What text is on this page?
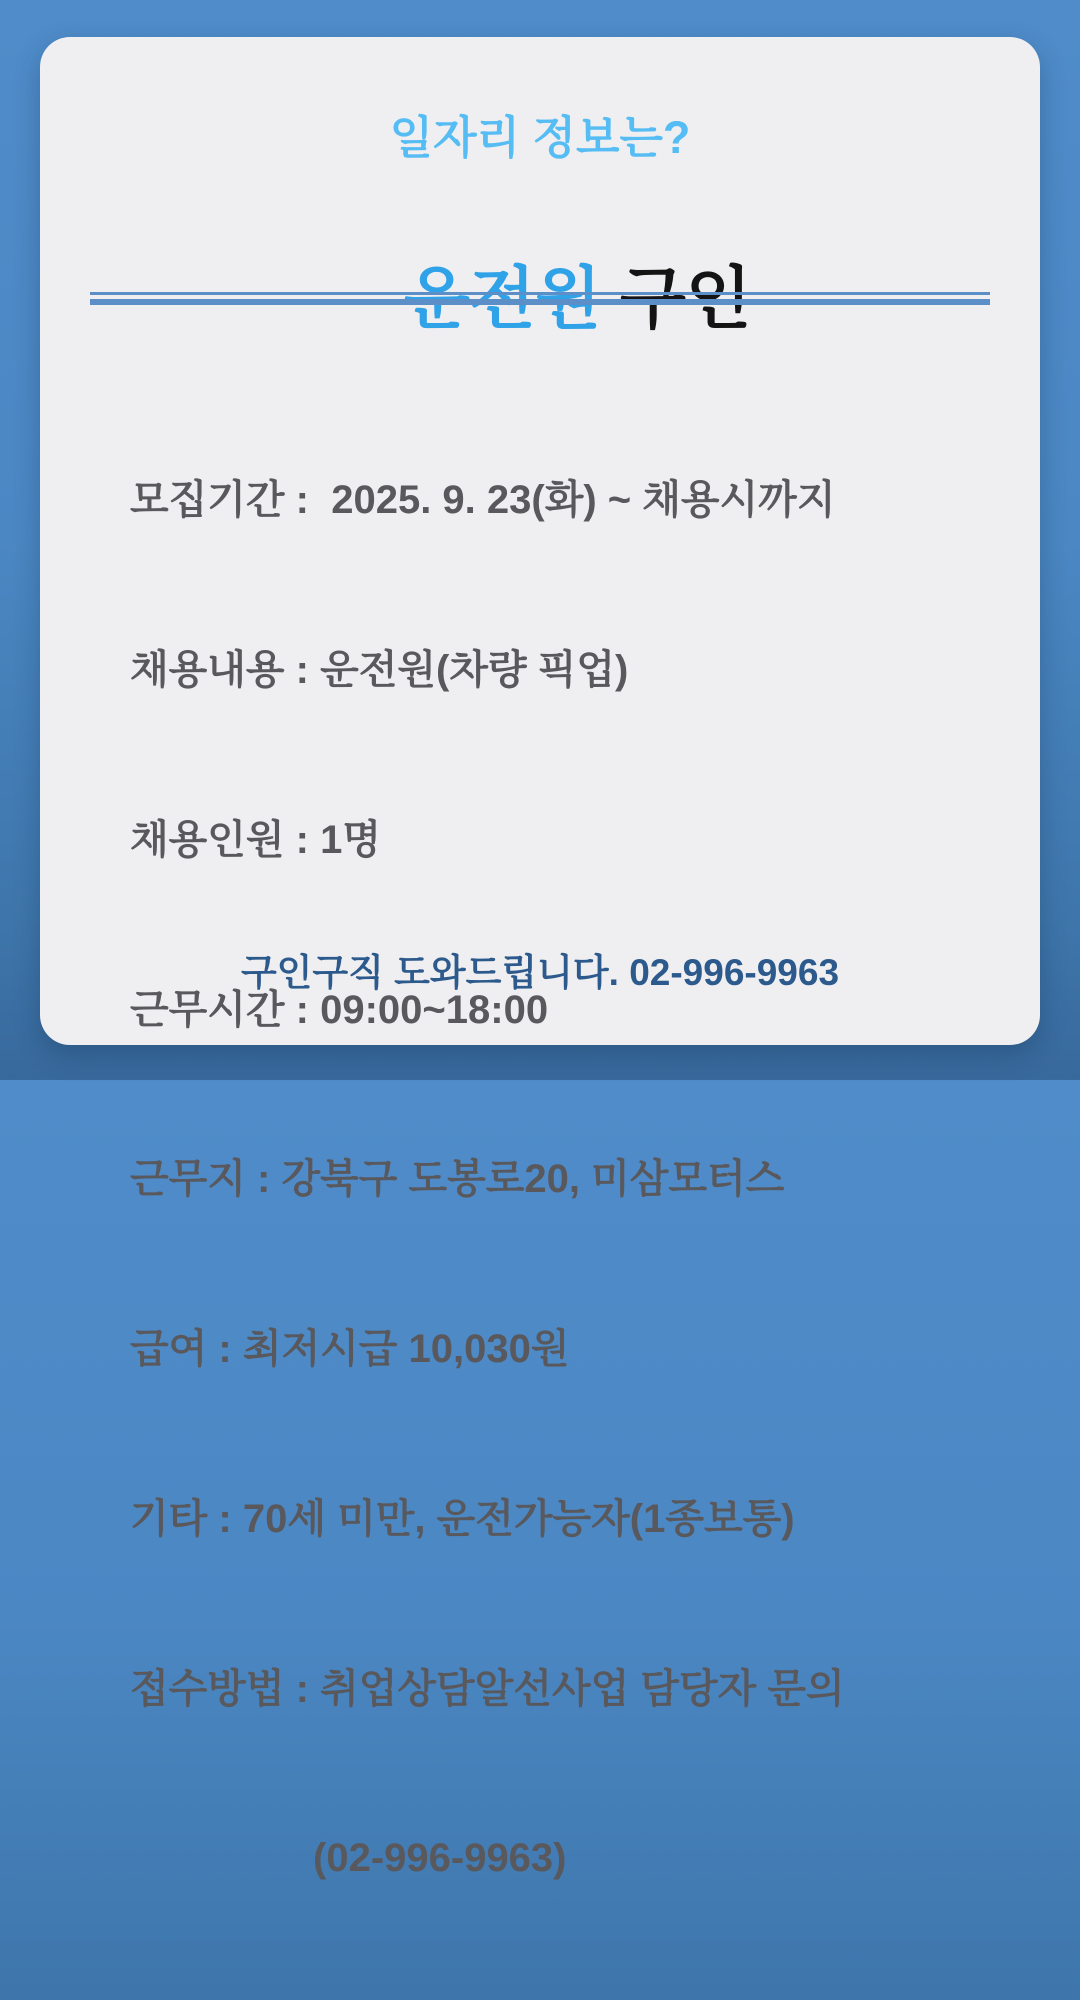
일자리 정보는?

운전원 구인

모집기간 :  2025. 9. 23(화) ~ 채용시까지

채용내용 : 운전원(차량 픽업)

채용인원 : 1명

근무시간 : 09:00~18:00

근무지 : 강북구 도봉로20, 미삼모터스

급여 : 최저시급 10,030원

기타 : 70세 미만, 운전가능자(1종보통)

접수방법 : 취업상담알선사업 담당자 문의

(02-996-9963)

구인구직 도와드립니다. 02-996-9963
